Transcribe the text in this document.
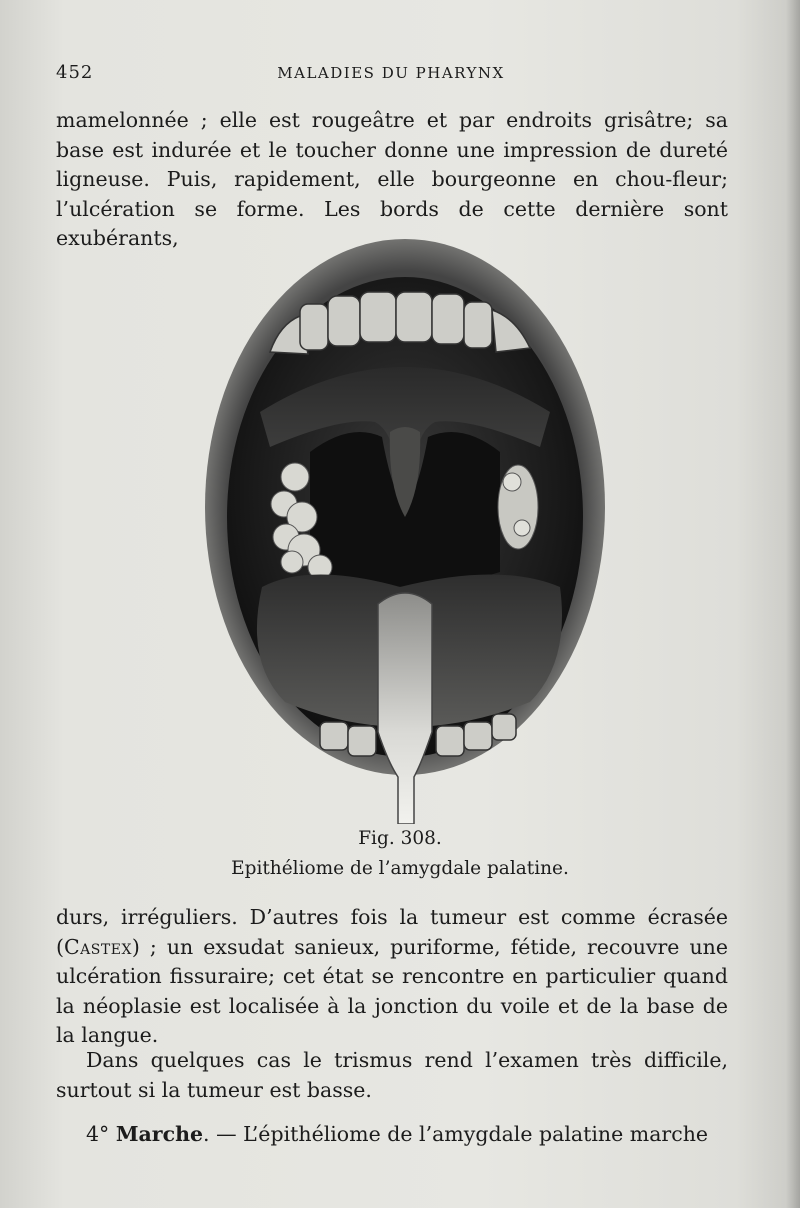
452	MALADIES DU PHARYNX

mamelonnée ; elle est rougeâtre et par endroits grisâtre; sa base est indurée et le toucher donne une impression de dureté ligneuse. Puis, rapidement, elle bourgeonne en chou-fleur; l’ulcération se forme. Les bords de cette dernière sont exubérants,

Fig. 308.
Epithéliome de l’amygdale palatine.

durs, irréguliers. D’autres fois la tumeur est comme écrasée (Castex) ; un exsudat sanieux, puriforme, fétide, recouvre une ulcération fissuraire; cet état se rencontre en particulier quand la néoplasie est localisée à la jonction du voile et de la base de la langue.

Dans quelques cas le trismus rend l’examen très difficile, surtout si la tumeur est basse.

4° Marche. — L’épithéliome de l’amygdale palatine marche
